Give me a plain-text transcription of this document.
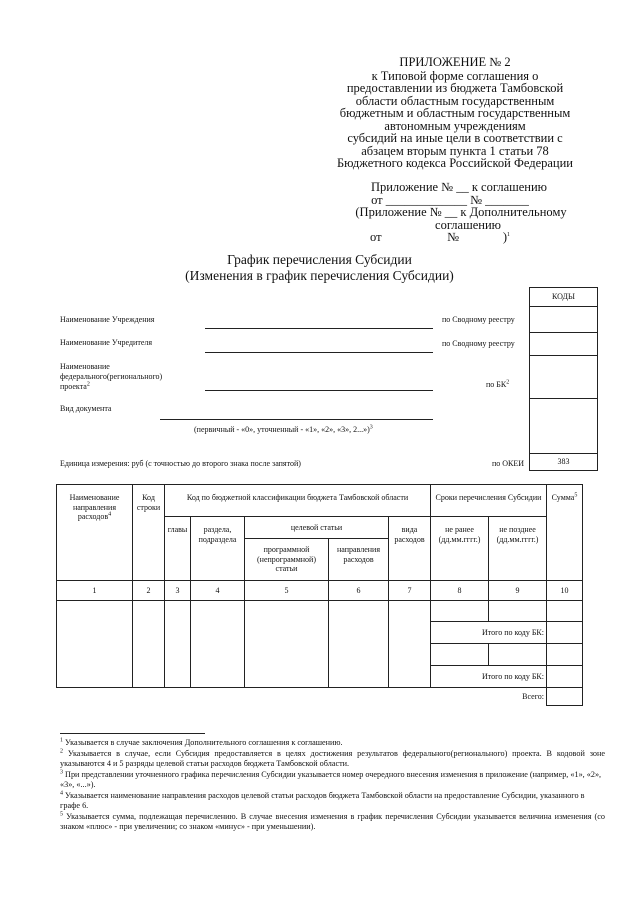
ПРИЛОЖЕНИЕ № 2
к Типовой форме соглашения о
предоставлении из бюджета Тамбовской
области областным государственным
бюджетным и областным государственным
автономным учреждениям
субсидий на иные цели в соответствии с
абзацем вторым пункта 1 статьи 78
Бюджетного кодекса Российской Федерации
Приложение № __ к соглашению
от _____________ № _______
(Приложение № __ к Дополнительному
соглашению
от                     №              )$^1$
График перечисления Субсидии
(Изменения в график перечисления Субсидии)
КОДЫ
383
Наименование Учреждения	по Сводному реестру
Наименование Учредителя	по Сводному реестру
Наименование
федерального(регионального)
проекта$^2$	по $БК^2$
Вид документа
(первичный - «0», уточненный - «1», «2», «3», 2...»)$^3$
Единица измерения: руб (с точностью до второго знака после запятой)	по ОКЕИ
Наименование направления расходов$^4$	Код строки	Код по бюджетной классификации бюджета Тамбовской области					Сроки перечисления Субсидии		Сумма$^5$
		главы	раздела, подраздела	целевой статьи		вида расходов	не ранее (дд.мм.гггг.)	не позднее (дд.мм.гггг.)	
				программной (непрограммной) статьи	направления расходов				
1	2	3	4	5	6	7	8	9	10

							Итого по коду БК:		

							Итого по коду БК:		
Всего:									

$^1$ Указывается в случае заключения Дополнительного соглашения к соглашению.

$^2$ Указывается в случае, если Субсидия предоставляется в целях достижения результатов федерального(регионального) проекта. В кодовой зоне указываются 4 и 5 разряды целевой статьи расходов бюджета Тамбовской области.

$^3$ При представлении уточненного графика перечисления Субсидии указывается номер очередного внесения изменения в приложение (например, «1», «2», «3», «...»).

$^4$ Указывается наименование направления расходов целевой статьи расходов бюджета Тамбовской области на предоставление Субсидии, указанного в графе 6.

$^5$ Указывается сумма, подлежащая перечислению. В случае внесения изменения в график перечисления Субсидии указывается величина изменения (со знаком «плюс» - при увеличении; со знаком «минус» - при уменьшении).
